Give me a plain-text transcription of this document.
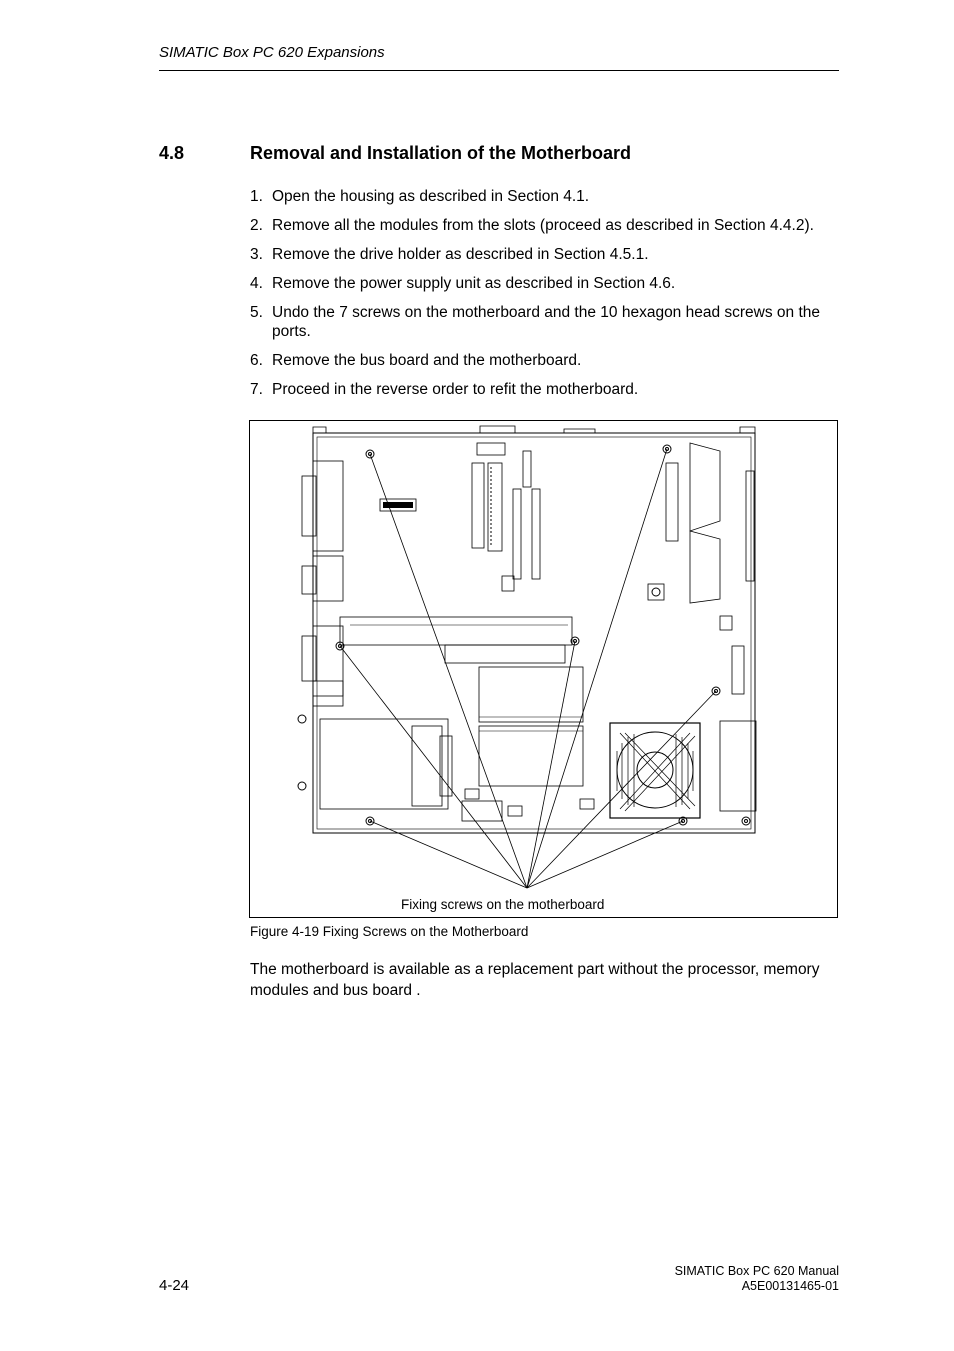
SIMATIC Box PC 620 Expansions
4.8	Removal and Installation of the Motherboard
1. Open the housing as described in Section 4.1.
2. Remove all the modules from the slots (proceed as described in Section 4.4.2).
3. Remove the drive holder as described in Section 4.5.1.
4. Remove the power supply unit as described in Section 4.6.
5. Undo the 7 screws on the motherboard and the 10 hexagon head screws on the ports.
6. Remove the bus board and the motherboard.
7. Proceed in the reverse order to refit the motherboard.
Fixing screws on the motherboard
Figure 4-19 Fixing Screws on the Motherboard

The motherboard is available as a replacement part without the processor, memory modules and bus board .

4-24
SIMATIC Box PC 620 Manual
A5E00131465-01
